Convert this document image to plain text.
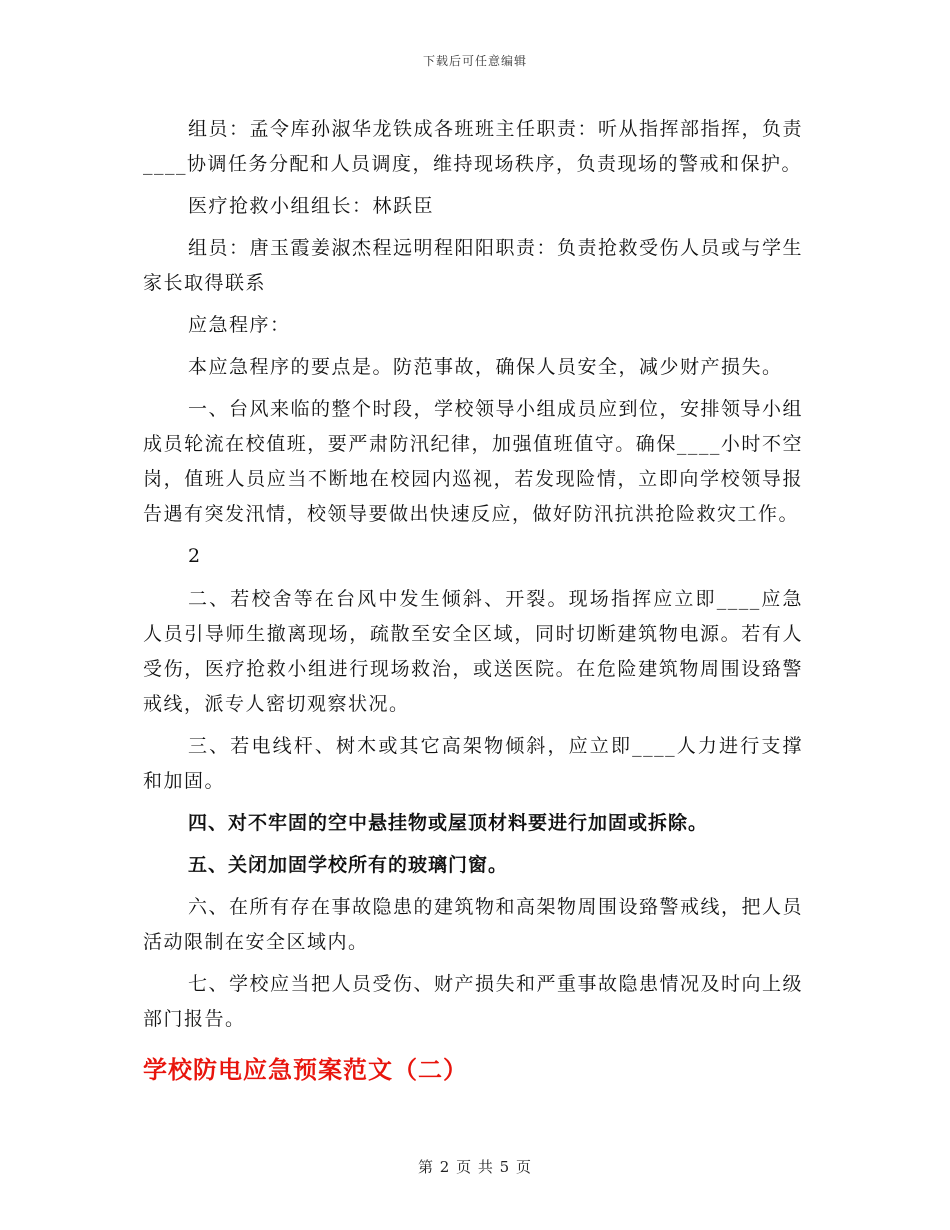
下载后可任意编辑

组员：孟令库孙淑华龙铁成各班班主任职责：听从指挥部指挥，负责____协调任务分配和人员调度，维持现场秩序，负责现场的警戒和保护。

医疗抢救小组组长：林跃臣

组员：唐玉霞姜淑杰程远明程阳阳职责：负责抢救受伤人员或与学生家长取得联系

应急程序：

本应急程序的要点是。防范事故，确保人员安全，减少财产损失。

一、台风来临的整个时段，学校领导小组成员应到位，安排领导小组成员轮流在校值班，要严肃防汛纪律，加强值班值守。确保____小时不空岗，值班人员应当不断地在校园内巡视，若发现险情，立即向学校领导报告遇有突发汛情，校领导要做出快速反应，做好防汛抗洪抢险救灾工作。

2

二、若校舍等在台风中发生倾斜、开裂。现场指挥应立即____应急人员引导师生撤离现场，疏散至安全区域，同时切断建筑物电源。若有人受伤，医疗抢救小组进行现场救治，或送医院。在危险建筑物周围设臵警戒线，派专人密切观察状况。

三、若电线杆、树木或其它高架物倾斜，应立即____人力进行支撑和加固。

四、对不牢固的空中悬挂物或屋顶材料要进行加固或拆除。

五、关闭加固学校所有的玻璃门窗。

六、在所有存在事故隐患的建筑物和高架物周围设臵警戒线，把人员活动限制在安全区域内。

七、学校应当把人员受伤、财产损失和严重事故隐患情况及时向上级部门报告。

学校防电应急预案范文（二）

第 2 页 共 5 页
